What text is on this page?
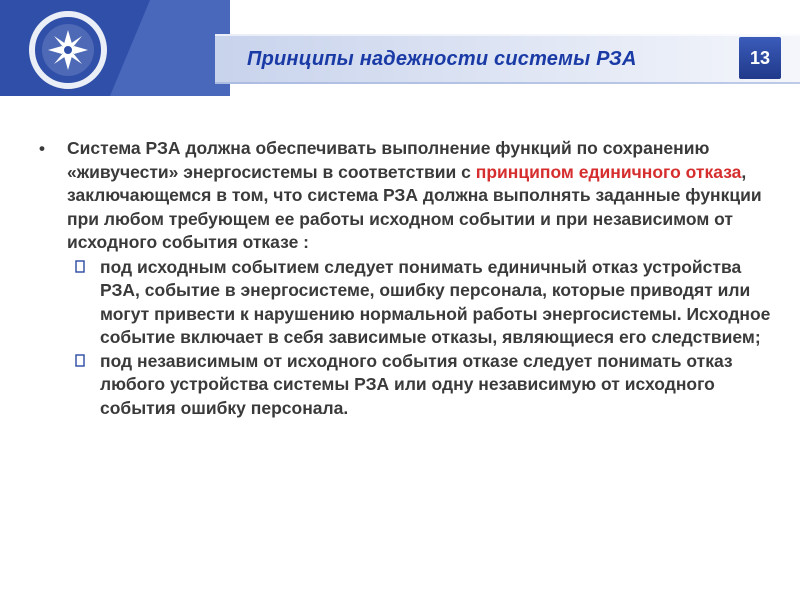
Принципы надежности системы РЗА	13

• Система РЗА должна обеспечивать выполнение функций по сохранению «живучести» энергосистемы в соответствии с принципом единичного отказа, заключающемся в том, что система РЗА должна выполнять заданные функции при любом требующем ее работы исходном событии и при независимом от исходного события отказе :

под исходным событием следует понимать единичный отказ устройства РЗА, событие в энергосистеме, ошибку персонала, которые приводят или могут привести к нарушению нормальной работы энергосистемы. Исходное событие включает в себя зависимые отказы, являющиеся его следствием;

под независимым от исходного события отказе следует понимать отказ любого устройства системы РЗА или одну независимую от исходного события ошибку персонала.
